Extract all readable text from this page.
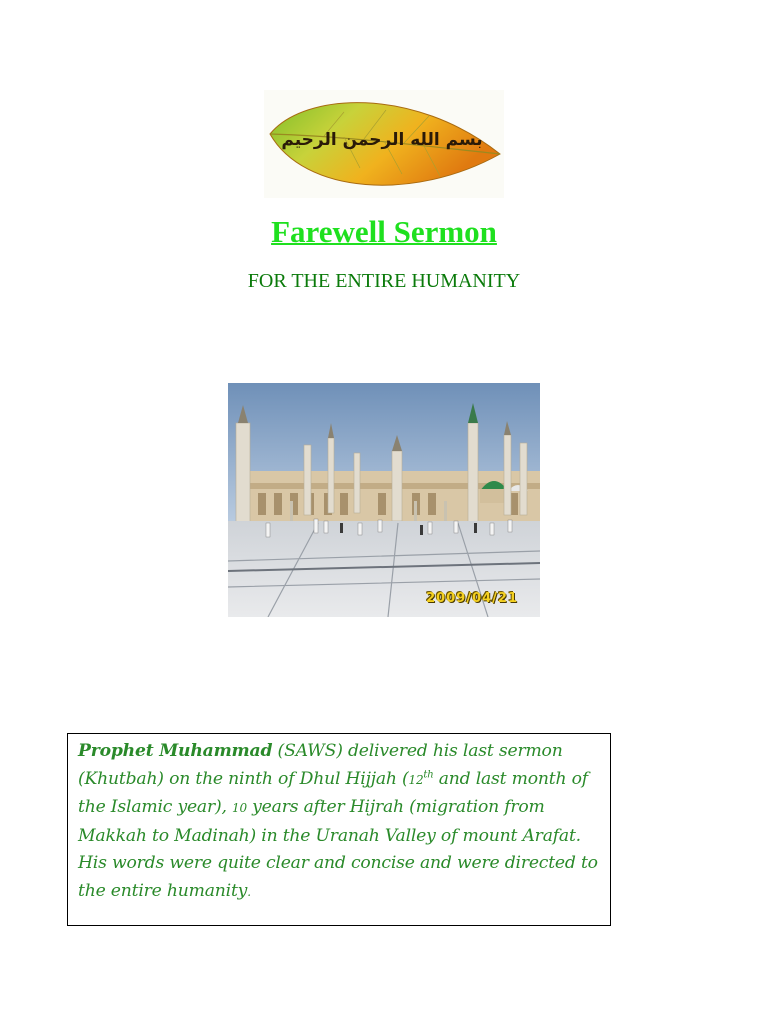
بسم الله الرحمن الرحيم
Farewell Sermon
FOR THE ENTIRE HUMANITY
2009/04/21
Prophet Muhammad (SAWS) delivered his last sermon (Khutbah) on the ninth of Dhul Hijjah (12th and last month of the Islamic year), 10 years after Hijrah (migration from Makkah to Madinah) in the Uranah Valley of mount Arafat. His words were quite clear and concise and were directed to the entire humanity.
